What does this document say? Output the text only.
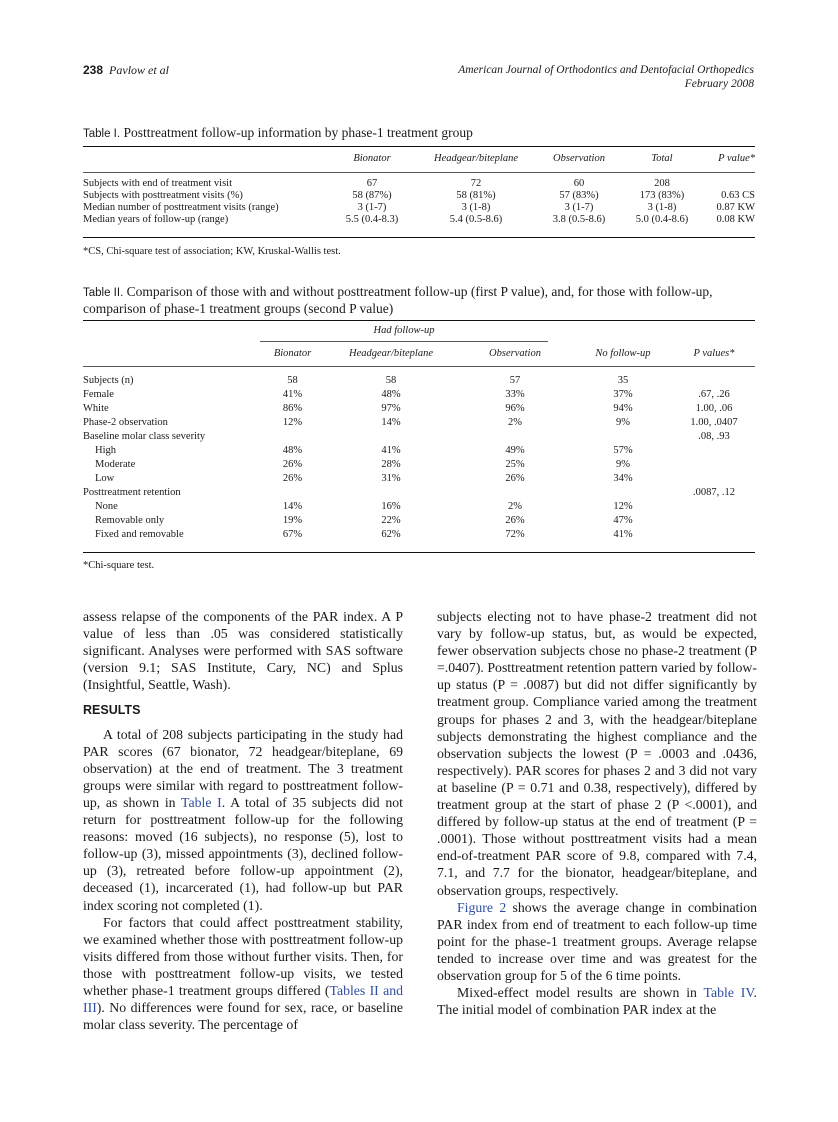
238 Pavlow et al	American Journal of Orthodontics and Dentofacial Orthopedics
February 2008
Table I. Posttreatment follow-up information by phase-1 treatment group
	Bionator	Headgear/biteplane	Observation	Total	P value*

Subjects with end of treatment visit	67	72	60	208	
Subjects with posttreatment visits (%)	58 (87%)	58 (81%)	57 (83%)	173 (83%)	0.63 CS
Median number of posttreatment visits (range)	3 (1-7)	3 (1-8)	3 (1-7)	3 (1-8)	0.87 KW
Median years of follow-up (range)	5.5 (0.4-8.3)	5.4 (0.5-8.6)	3.8 (0.5-8.6)	5.0 (0.4-8.6)	0.08 KW
*CS, Chi-square test of association; KW, Kruskal-Wallis test.
Table II. Comparison of those with and without posttreatment follow-up (first P value), and, for those with follow-up,
comparison of phase-1 treatment groups (second P value)
Had follow-up
	Bionator	Headgear/biteplane	Observation	No follow-up	P values*

Subjects (n)	58	58	57	35	
Female	41%	48%	33%	37%	.67, .26
White	86%	97%	96%	94%	1.00, .06
Phase-2 observation	12%	14%	2%	9%	1.00, .0407
Baseline molar class severity					.08, .93
High	48%	41%	49%	57%	
Moderate	26%	28%	25%	9%	
Low	26%	31%	26%	34%	
Posttreatment retention					.0087, .12
None	14%	16%	2%	12%	
Removable only	19%	22%	26%	47%	
Fixed and removable	67%	62%	72%	41%	
*Chi-square test.

assess relapse of the components of the PAR index. A P value of less than .05 was considered statistically significant. Analyses were performed with SAS software (version 9.1; SAS Institute, Cary, NC) and Splus (Insightful, Seattle, Wash).

RESULTS

A total of 208 subjects participating in the study had PAR scores (67 bionator, 72 headgear/biteplane, 69 observation) at the end of treatment. The 3 treatment groups were similar with regard to posttreatment follow-up, as shown in Table I. A total of 35 subjects did not return for posttreatment follow-up for the following reasons: moved (16 subjects), no response (5), lost to follow-up (3), missed appointments (3), declined follow-up (3), retreated before follow-up appointment (2), deceased (1), incarcerated (1), had follow-up but PAR index scoring not completed (1).

For factors that could affect posttreatment stability, we examined whether those with posttreatment follow-up visits differed from those without further visits. Then, for those with posttreatment follow-up visits, we tested whether phase-1 treatment groups differed (Tables II and III). No differences were found for sex, race, or baseline molar class severity. The percentage of

subjects electing not to have phase-2 treatment did not vary by follow-up status, but, as would be expected, fewer observation subjects chose no phase-2 treatment (P =.0407). Posttreatment retention pattern varied by follow-up status (P = .0087) but did not differ significantly by treatment group. Compliance varied among the treatment groups for phases 2 and 3, with the headgear/biteplane subjects demonstrating the highest compliance and the observation subjects the lowest (P = .0003 and .0436, respectively). PAR scores for phases 2 and 3 did not vary at baseline (P = 0.71 and 0.38, respectively), differed by treatment group at the start of phase 2 (P <.0001), and differed by follow-up status at the end of treatment (P = .0001). Those without posttreatment visits had a mean end-of-treatment PAR score of 9.8, compared with 7.4, 7.1, and 7.7 for the bionator, headgear/biteplane, and observation groups, respectively.

Figure 2 shows the average change in combination PAR index from end of treatment to each follow-up time point for the phase-1 treatment groups. Average relapse tended to increase over time and was greatest for the observation group for 5 of the 6 time points.

Mixed-effect model results are shown in Table IV. The initial model of combination PAR index at the
